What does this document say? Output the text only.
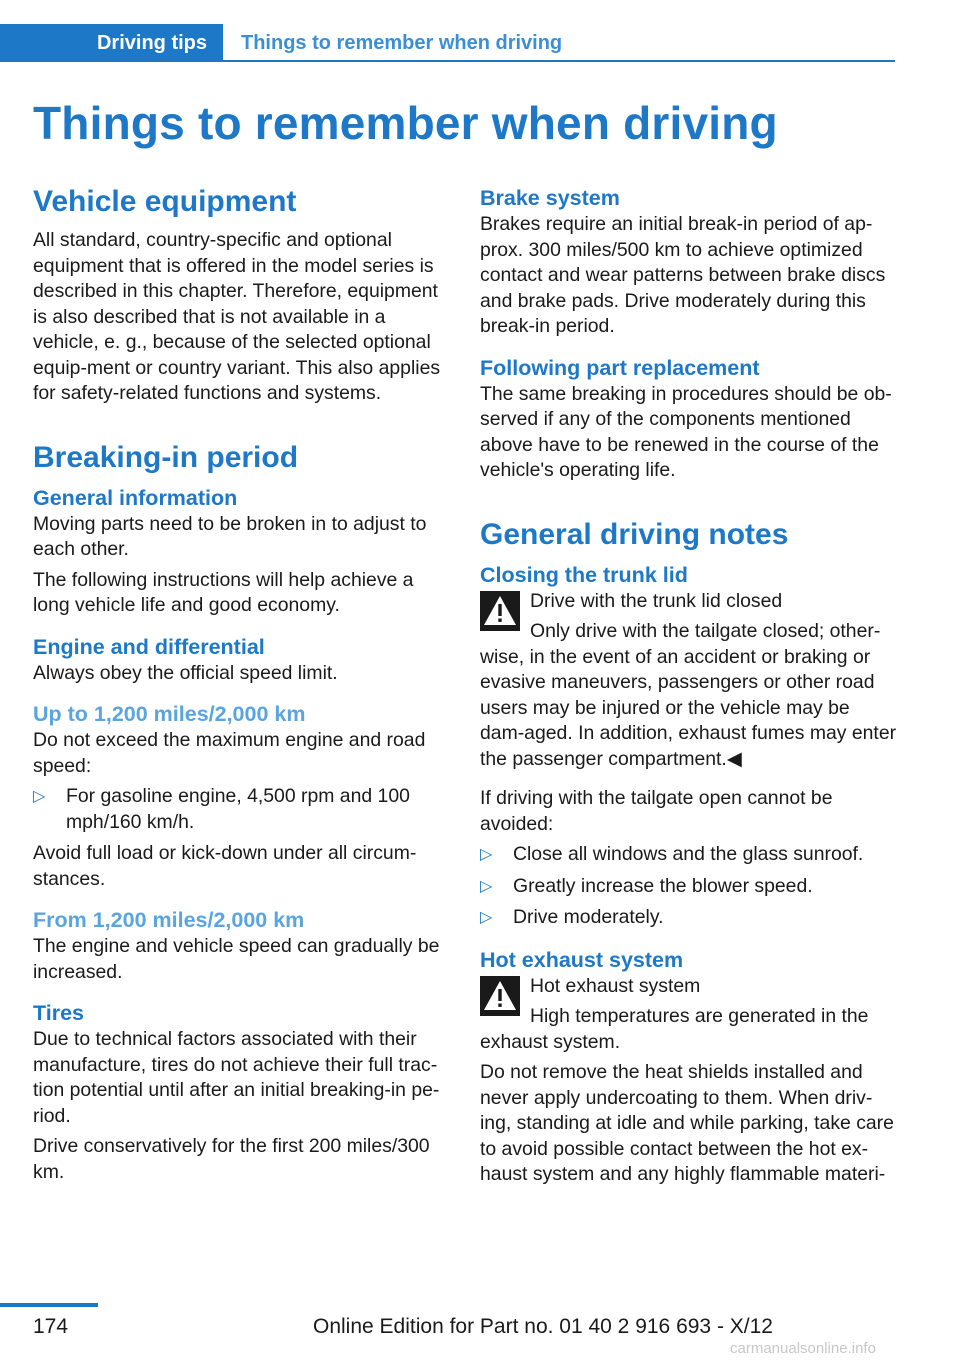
Driving tips	Things to remember when driving
Things to remember when driving
Vehicle equipment

All standard, country-specific and optional equipment that is offered in the model series is described in this chapter. Therefore, equipment is also described that is not available in a vehicle, e. g., because of the selected optional equip‐ment or country variant. This also applies for safety-related functions and systems.

Breaking-in period
General information

Moving parts need to be broken in to adjust to each other.

The following instructions will help achieve a long vehicle life and good economy.

Engine and differential

Always obey the official speed limit.

Up to 1,200 miles/2,000 km

Do not exceed the maximum engine and road speed:

▷ For gasoline engine, 4,500 rpm and 100 mph/160 km/h.

Avoid full load or kick-down under all circum‐stances.

From 1,200 miles/2,000 km

The engine and vehicle speed can gradually be increased.

Tires

Due to technical factors associated with their manufacture, tires do not achieve their full trac‐tion potential until after an initial breaking-in pe‐riod.

Drive conservatively for the first 200 miles/300 km.

Brake system

Brakes require an initial break-in period of ap‐prox. 300 miles/500 km to achieve optimized contact and wear patterns between brake discs and brake pads. Drive moderately during this break-in period.

Following part replacement

The same breaking in procedures should be ob‐served if any of the components mentioned above have to be renewed in the course of the vehicle's operating life.

General driving notes
Closing the trunk lid

Drive with the trunk lid closed

Only drive with the tailgate closed; other‐wise, in the event of an accident or braking or evasive maneuvers, passengers or other road users may be injured or the vehicle may be dam‐aged. In addition, exhaust fumes may enter the passenger compartment.◀

If driving with the tailgate open cannot be avoided:

▷ Close all windows and the glass sunroof.
▷ Greatly increase the blower speed.
▷ Drive moderately.
Hot exhaust system

Hot exhaust system

High temperatures are generated in the exhaust system.

Do not remove the heat shields installed and never apply undercoating to them. When driv‐ing, standing at idle and while parking, take care to avoid possible contact between the hot ex‐haust system and any highly flammable materi‐

174	Online Edition for Part no. 01 40 2 916 693 - X/12
carmanualsonline.info
